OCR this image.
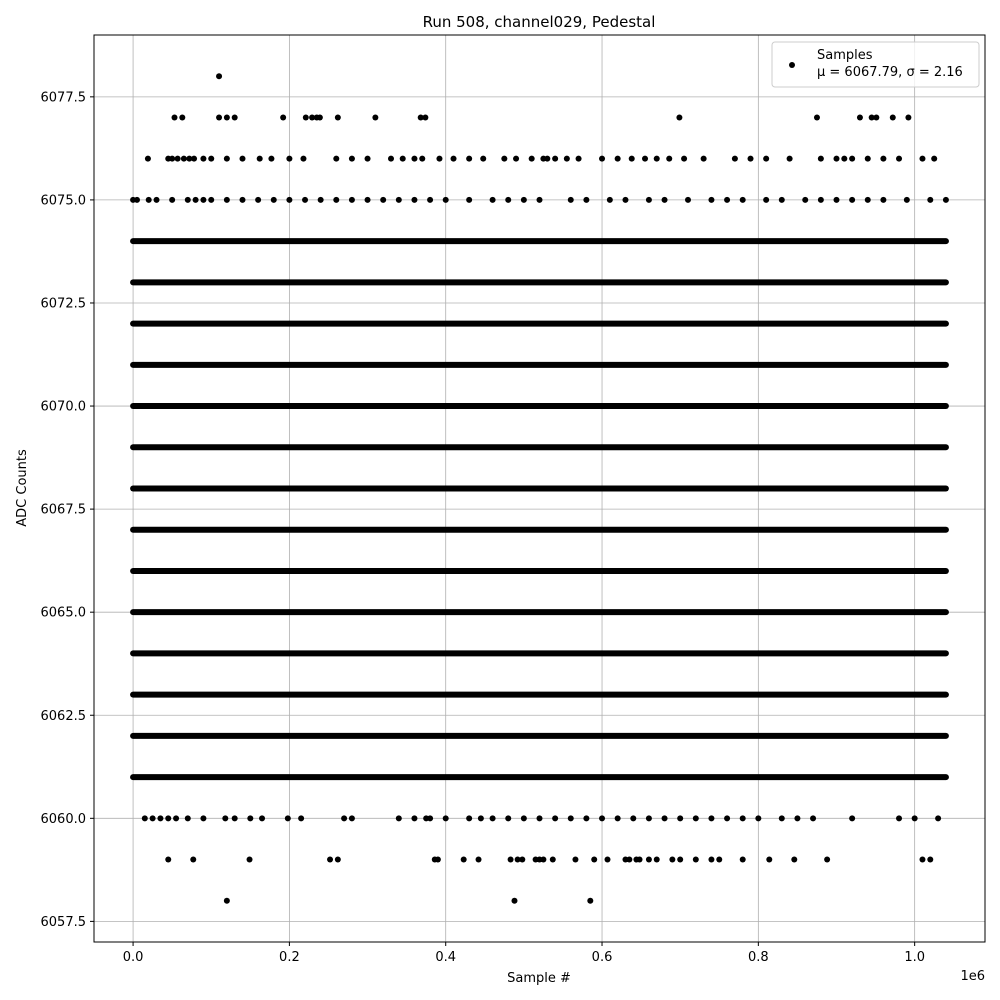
0.0	0.2	0.4	0.6	0.8	1.0
6057.5
6060.0
6062.5
6065.0
6067.5
6070.0
6072.5
6075.0
6077.5
Run 508, channel029, Pedestal
Sample #
ADC Counts
1e6
Samples
μ = 6067.79, σ = 2.16
